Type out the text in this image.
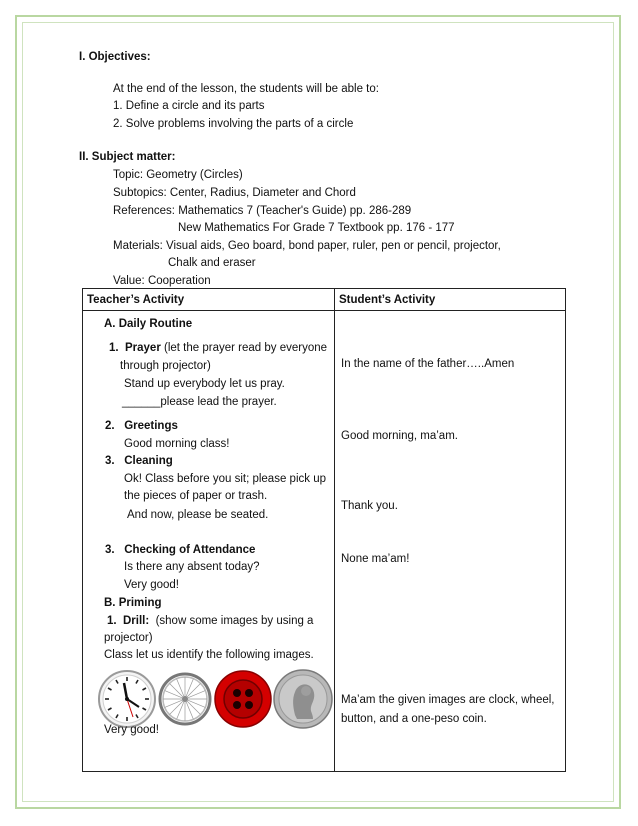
I. Objectives:
At the end of the lesson, the students will be able to:
1. Define a circle and its parts
2. Solve problems involving the parts of a circle
II. Subject matter:
Topic: Geometry (Circles)
Subtopics: Center, Radius, Diameter and Chord
References: Mathematics 7 (Teacher's Guide) pp. 286-289
New Mathematics For Grade 7 Textbook pp. 176 - 177
Materials: Visual aids, Geo board, bond paper, ruler, pen or pencil, projector,
Chalk and eraser
Value: Cooperation
Teacher’s Activity	Student’s Activity
A. Daily Routine
1. Prayer (let the prayer read by everyone
through projector)
Stand up everybody let us pray.
______please lead the prayer.
2. Greetings
Good morning class!
3. Cleaning
Ok! Class before you sit; please pick up
the pieces of paper or trash.
And now, please be seated.
3. Checking of Attendance
Is there any absent today?
Very good!
B. Priming
1. Drill: (show some images by using a
projector)
Class let us identify the following images.
Very good!
In the name of the father…..Amen
Good morning, ma’am.
Thank you.
None ma’am!
Ma’am the given images are clock, wheel,
button, and a one-peso coin.
